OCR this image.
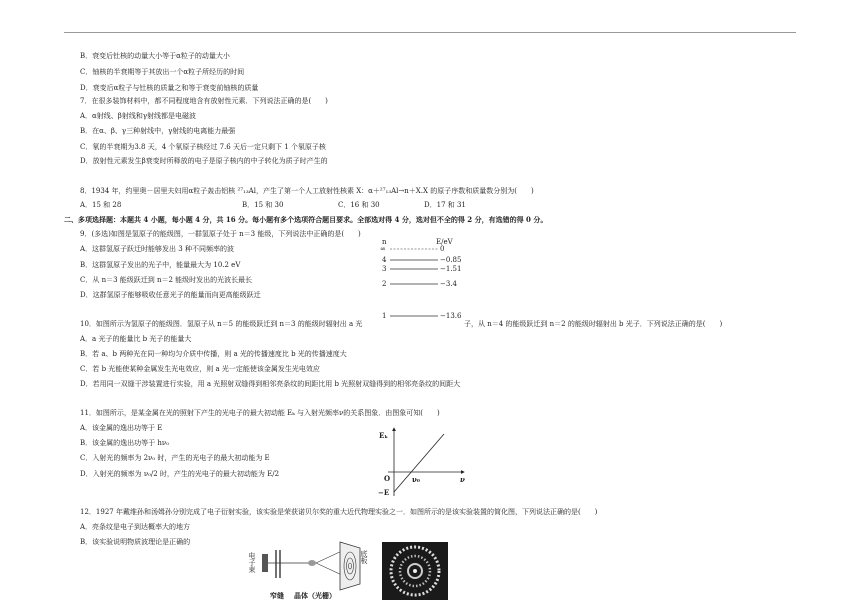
B．衰变后钍核的动量大小等于α粒子的动量大小
C．铀核的半衰期等于其放出一个α粒子所经历的时间
D．衰变后α粒子与钍核的质量之和等于衰变前铀核的质量
7．在很多装饰材料中，都不同程度地含有放射性元素．下列说法正确的是(　　)
A．α射线、β射线和γ射线都是电磁波
B．在α、β、γ三种射线中，γ射线的电离能力最强
C．氡的半衰期为3.8 天，4 个氡原子核经过 7.6 天后一定只剩下 1 个氡原子核
D．放射性元素发生β衰变时所释放的电子是原子核内的中子转化为质子时产生的
8．1934 年，约里奥－居里夫妇用α粒子轰击铝核 ²⁷₁₃Al，产生了第一个人工放射性核素 X：α＋²⁷₁₃Al→n＋X.X 的原子序数和质量数分别为(　　)
A．15 和 28	B．15 和 30	C．16 和 30	D．17 和 31
二、多项选择题：本题共 4 小题，每小题 4 分，共 16 分。每小题有多个选项符合题目要求。全部选对得 4 分，选对但不全的得 2 分，有选错的得 0 分。
9．(多选)如图是氢原子的能级图，一群氢原子处于 n＝3 能级，下列说法中正确的是(　　)
A．这群氢原子跃迁时能够发出 3 种不同频率的波
B．这群氢原子发出的光子中，能量最大为 10.2 eV
C．从 n＝3 能级跃迁到 n＝2 能级时发出的光波长最长
D．这群氢原子能够吸收任意光子的能量而向更高能级跃迁
10．如图所示为氢原子的能级图．氢原子从 n＝5 的能级跃迁到 n＝3 的能级时辐射出 a 光	子，从 n＝4 的能级跃迁到 n＝2 的能级时辐射出 b 光子．下列说法正确的是(　　)
A．a 光子的能量比 b 光子的能量大
B．若 a、b 两种光在同一种均匀介质中传播，则 a 光的传播速度比 b 光的传播速度大
C．若 b 光能使某种金属发生光电效应，则 a 光一定能使该金属发生光电效应
D．若用同一双缝干涉装置进行实验，用 a 光照射双缝得到相邻亮条纹的间距比用 b 光照射双缝得到的相邻亮条纹的间距大
11．如图所示，是某金属在光的照射下产生的光电子的最大初动能 Eₖ 与入射光频率ν的关系图象．由图象可知(　　)
A．该金属的逸出功等于 E
B．该金属的逸出功等于 hν₀
C．入射光的频率为 2ν₀ 时，产生的光电子的最大初动能为 E
D．入射光的频率为 ν₀/2 时，产生的光电子的最大初动能为 E/2
12．1927 年戴维孙和汤姆孙分别完成了电子衍射实验，该实验是荣获诺贝尔奖的重大近代物理实验之一．如图所示的是该实验装置的简化图，下列说法正确的是(　　)
A．亮条纹是电子到达概率大的地方
B．该实验说明物质波理论是正确的
n	E/eV
∞	0
4	−0.85
3	−1.51
2	−3.4
1	−13.6
Eₖ
ν
O	ν₀
−E
电子束	底板
窄缝 晶体（光栅）
